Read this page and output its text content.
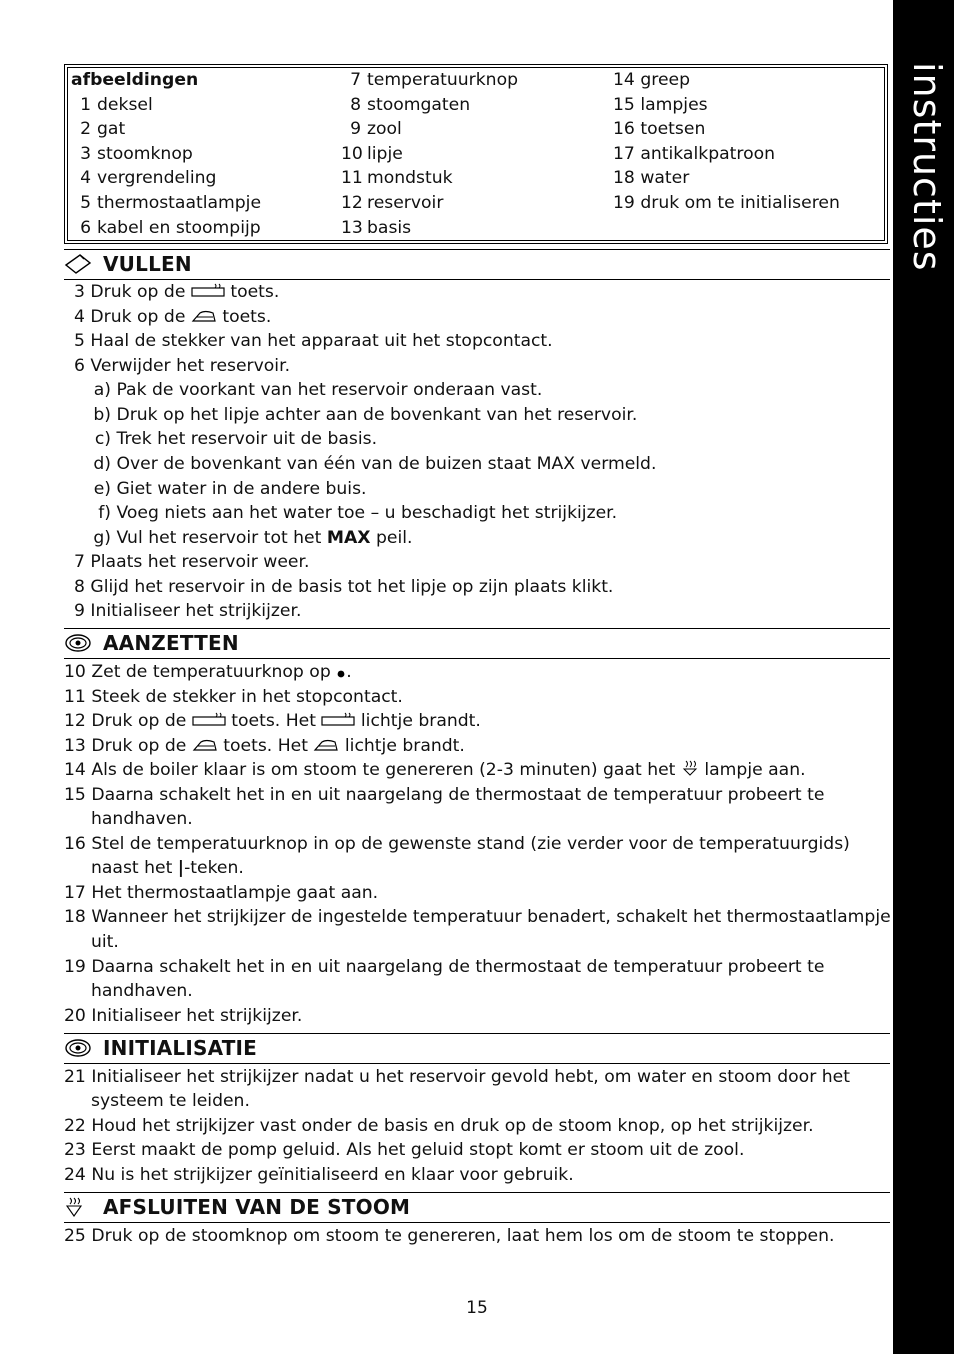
instructies
afbeeldingen
1 deksel
2 gat
3 stoomknop
4 vergrendeling
5 thermostaatlampje
6 kabel en stoompijp
7 temperatuurknop
8 stoomgaten
9 zool
10 lipje
11 mondstuk
12 reservoir
13 basis
14 greep
15 lampjes
16 toetsen
17 antikalkpatroon
18 water
19 druk om te initialiseren
VULLEN
3 Druk op de	toets.
4 Druk op de toets.
5 Haal de stekker van het apparaat uit het stopcontact.
6 Verwijder het reservoir.
a) Pak de voorkant van het reservoir onderaan vast.
b) Druk op het lipje achter aan de bovenkant van het reservoir.
c) Trek het reservoir uit de basis.
d) Over de bovenkant van één van de buizen staat MAX vermeld.
e) Giet water in de andere buis.
f) Voeg niets aan het water toe – u beschadigt het strijkijzer.
g) Vul het reservoir tot het MAX peil.
7 Plaats het reservoir weer.
8 Glijd het reservoir in de basis tot het lipje op zijn plaats klikt.
9 Initialiseer het strijkijzer.
AANZETTEN
10 Zet de temperatuurknop op .
11 Steek de stekker in het stopcontact.
12 Druk op de	toets. Het	lichtje brandt.
13 Druk op de toets. Het lichtje brandt.
14 Als de boiler klaar is om stoom te genereren (2-3 minuten) gaat het lampje aan.
15 Daarna schakelt het in en uit naargelang de thermostaat de temperatuur probeert te
handhaven.
16 Stel de temperatuurknop in op de gewenste stand (zie verder voor de temperatuurgids)
naast het |-teken.
17 Het thermostaatlampje gaat aan.
18 Wanneer het strijkijzer de ingestelde temperatuur benadert, schakelt het thermostaatlampje
uit.
19 Daarna schakelt het in en uit naargelang de thermostaat de temperatuur probeert te
handhaven.
20 Initialiseer het strijkijzer.
INITIALISATIE
21 Initialiseer het strijkijzer nadat u het reservoir gevold hebt, om water en stoom door het
systeem te leiden.
22 Houd het strijkijzer vast onder de basis en druk op de stoom knop, op het strijkijzer.
23 Eerst maakt de pomp geluid. Als het geluid stopt komt er stoom uit de zool.
24 Nu is het strijkijzer geïnitialiseerd en klaar voor gebruik.
AFSLUITEN VAN DE STOOM
25 Druk op de stoomknop om stoom te genereren, laat hem los om de stoom te stoppen.
15
